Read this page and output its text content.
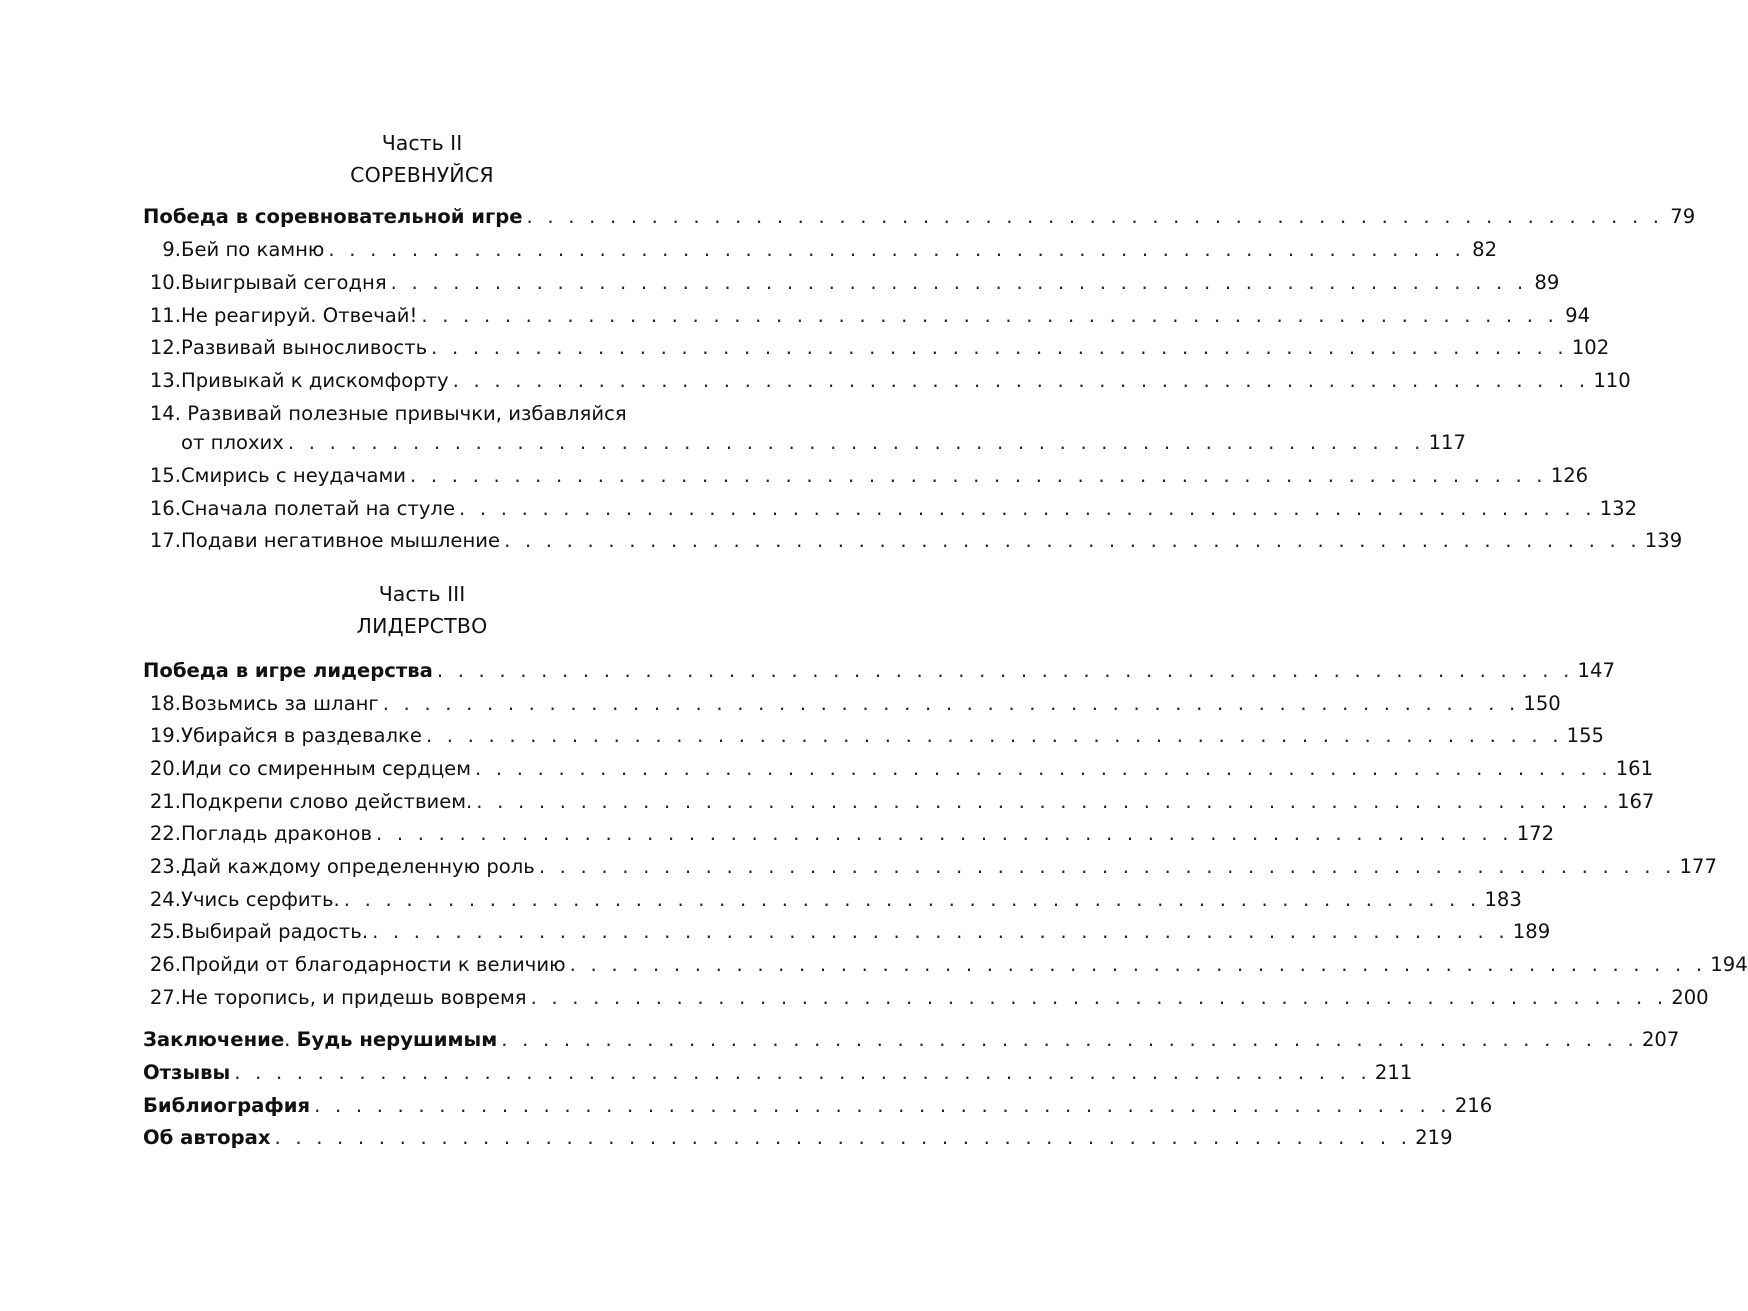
Часть II
СОРЕВНУЙСЯ
Победа в соревновательной игре . . . . . . . . . . . . . . . . . . . . . . . . . . . . . . . . . . . . . . . . . . . . . . . . . . . . . . . 79
9. Бей по камню . . . . . . . . . . . . . . . . . . . . . . . . . . . . . . . . . . . . . . . . . . . . . . . . . . . . . . . 82
10. Выигрывай сегодня . . . . . . . . . . . . . . . . . . . . . . . . . . . . . . . . . . . . . . . . . . . . . . . . . . . . . . . 89
11. Не реагируй. Отвечай! . . . . . . . . . . . . . . . . . . . . . . . . . . . . . . . . . . . . . . . . . . . . . . . . . . . . . . . 94
12. Развивай выносливость . . . . . . . . . . . . . . . . . . . . . . . . . . . . . . . . . . . . . . . . . . . . . . . . . . . . . . . 102
13. Привыкай к дискомфорту . . . . . . . . . . . . . . . . . . . . . . . . . . . . . . . . . . . . . . . . . . . . . . . . . . . . . . . 110
14. Развивай полезные привычки, избавляйся
от плохих . . . . . . . . . . . . . . . . . . . . . . . . . . . . . . . . . . . . . . . . . . . . . . . . . . . . . . . 117
15. Смирись с неудачами . . . . . . . . . . . . . . . . . . . . . . . . . . . . . . . . . . . . . . . . . . . . . . . . . . . . . . . 126
16. Сначала полетай на стуле . . . . . . . . . . . . . . . . . . . . . . . . . . . . . . . . . . . . . . . . . . . . . . . . . . . . . . . 132
17. Подави негативное мышление . . . . . . . . . . . . . . . . . . . . . . . . . . . . . . . . . . . . . . . . . . . . . . . . . . . . . . . 139
Часть III
ЛИДЕРСТВО
Победа в игре лидерства . . . . . . . . . . . . . . . . . . . . . . . . . . . . . . . . . . . . . . . . . . . . . . . . . . . . . . . 147
18. Возьмись за шланг . . . . . . . . . . . . . . . . . . . . . . . . . . . . . . . . . . . . . . . . . . . . . . . . . . . . . . . 150
19. Убирайся в раздевалке . . . . . . . . . . . . . . . . . . . . . . . . . . . . . . . . . . . . . . . . . . . . . . . . . . . . . . . 155
20. Иди со смиренным сердцем . . . . . . . . . . . . . . . . . . . . . . . . . . . . . . . . . . . . . . . . . . . . . . . . . . . . . . . 161
21. Подкрепи слово действием. . . . . . . . . . . . . . . . . . . . . . . . . . . . . . . . . . . . . . . . . . . . . . . . . . . . . . . . 167
22. Погладь драконов . . . . . . . . . . . . . . . . . . . . . . . . . . . . . . . . . . . . . . . . . . . . . . . . . . . . . . . 172
23. Дай каждому определенную роль . . . . . . . . . . . . . . . . . . . . . . . . . . . . . . . . . . . . . . . . . . . . . . . . . . . . . . . 177
24. Учись серфить. . . . . . . . . . . . . . . . . . . . . . . . . . . . . . . . . . . . . . . . . . . . . . . . . . . . . . . . 183
25. Выбирай радость. . . . . . . . . . . . . . . . . . . . . . . . . . . . . . . . . . . . . . . . . . . . . . . . . . . . . . . . 189
26. Пройди от благодарности к величию . . . . . . . . . . . . . . . . . . . . . . . . . . . . . . . . . . . . . . . . . . . . . . . . . . . . . . . 194
27. Не торопись, и придешь вовремя . . . . . . . . . . . . . . . . . . . . . . . . . . . . . . . . . . . . . . . . . . . . . . . . . . . . . . . 200
Заключение . Будь нерушимым . . . . . . . . . . . . . . . . . . . . . . . . . . . . . . . . . . . . . . . . . . . . . . . . . . . . . . . 207
Отзывы . . . . . . . . . . . . . . . . . . . . . . . . . . . . . . . . . . . . . . . . . . . . . . . . . . . . . . . 211
Библиография . . . . . . . . . . . . . . . . . . . . . . . . . . . . . . . . . . . . . . . . . . . . . . . . . . . . . . . 216
Об авторах . . . . . . . . . . . . . . . . . . . . . . . . . . . . . . . . . . . . . . . . . . . . . . . . . . . . . . . 219
